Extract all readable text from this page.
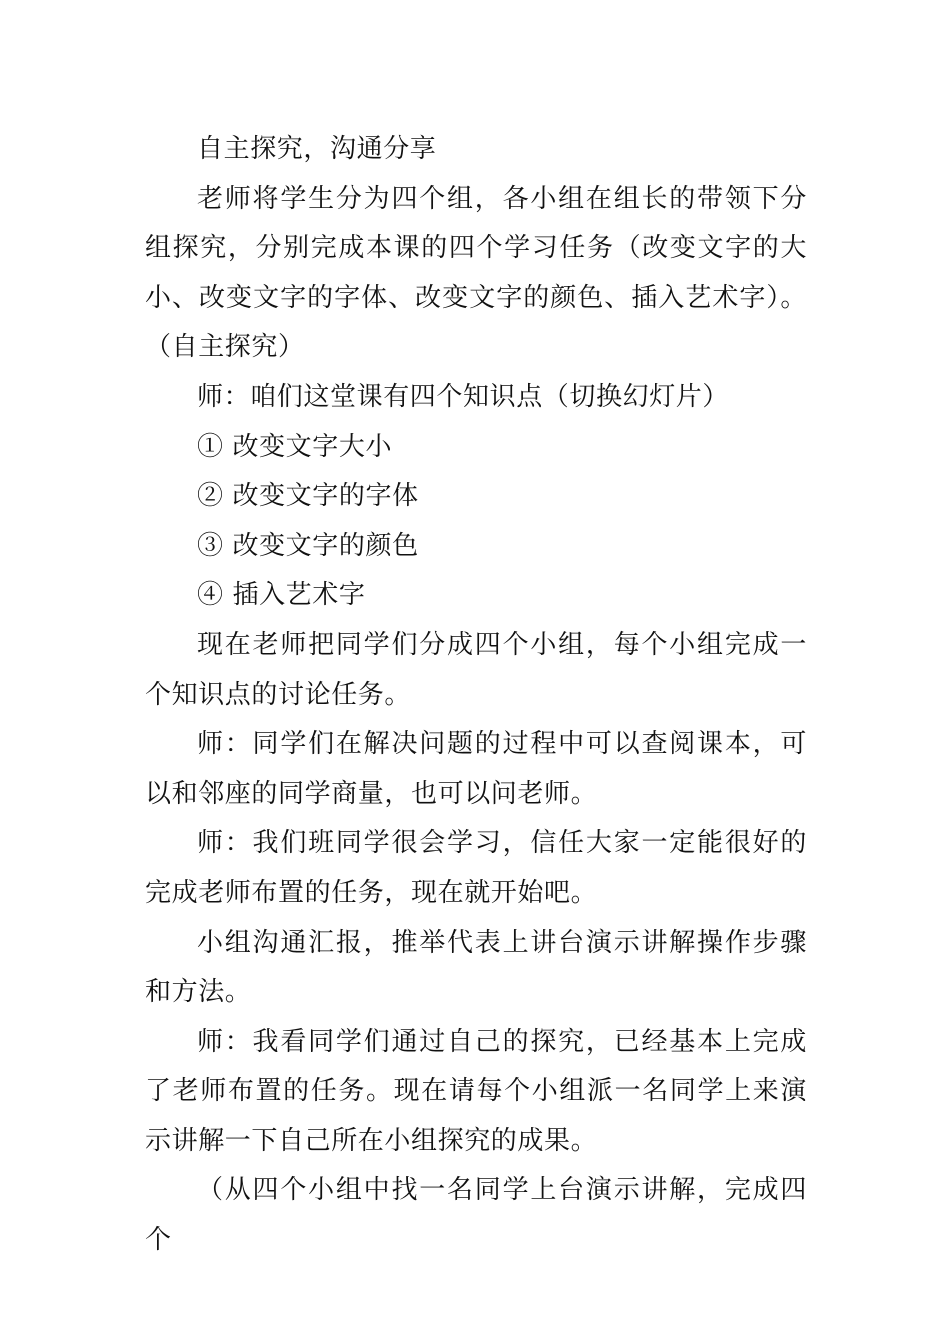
自主探究，沟通分享

老师将学生分为四个组，各小组在组长的带领下分组探究，分别完成本课的四个学习任务（改变文字的大小、改变文字的字体、改变文字的颜色、插入艺术字）。（自主探究）

师：咱们这堂课有四个知识点（切换幻灯片）

① 改变文字大小

② 改变文字的字体

③ 改变文字的颜色

④ 插入艺术字

现在老师把同学们分成四个小组，每个小组完成一个知识点的讨论任务。

师：同学们在解决问题的过程中可以查阅课本，可以和邻座的同学商量，也可以问老师。

师：我们班同学很会学习，信任大家一定能很好的完成老师布置的任务，现在就开始吧。

小组沟通汇报，推举代表上讲台演示讲解操作步骤和方法。

师：我看同学们通过自己的探究，已经基本上完成了老师布置的任务。现在请每个小组派一名同学上来演示讲解一下自己所在小组探究的成果。

（从四个小组中找一名同学上台演示讲解，完成四个
